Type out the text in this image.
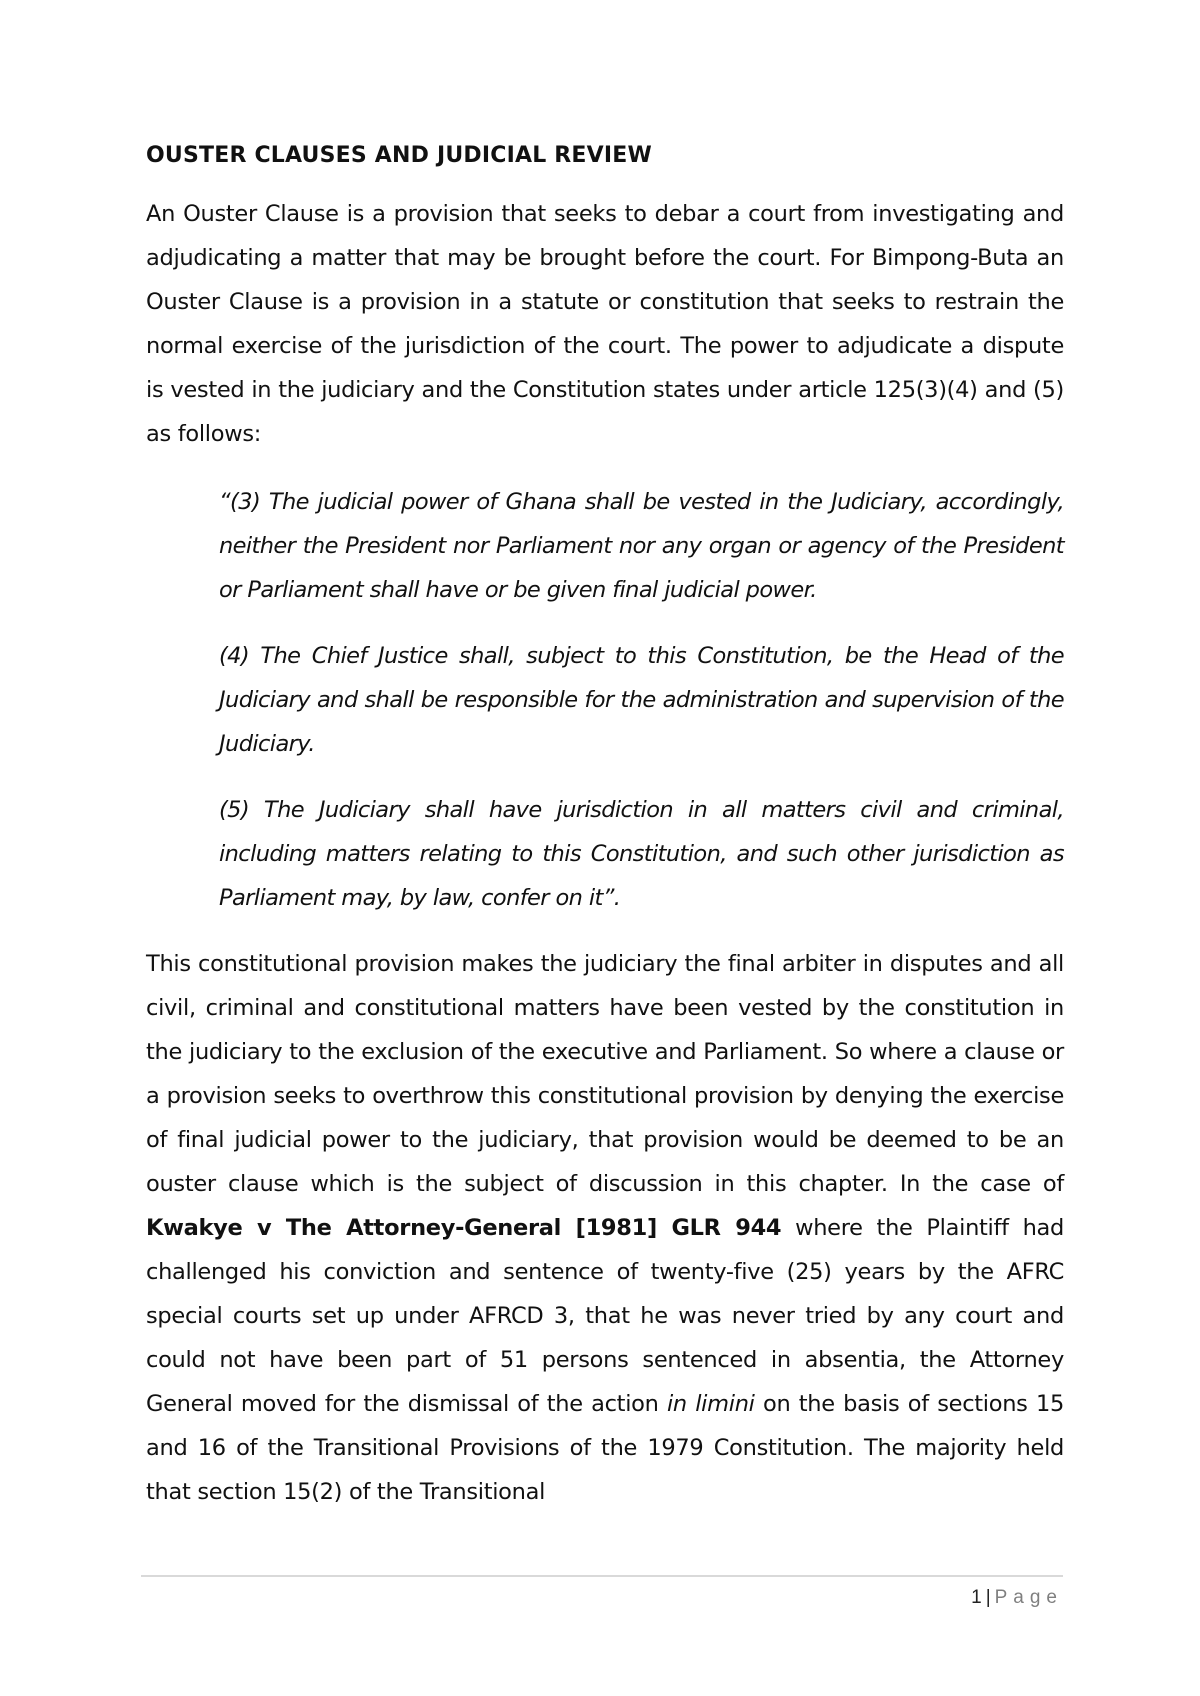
OUSTER CLAUSES AND JUDICIAL REVIEW

An Ouster Clause is a provision that seeks to debar a court from investigating and adjudicating a matter that may be brought before the court. For Bimpong-Buta an Ouster Clause is a provision in a statute or constitution that seeks to restrain the normal exercise of the jurisdiction of the court. The power to adjudicate a dispute is vested in the judiciary and the Constitution states under article 125(3)(4) and (5) as follows:

“(3) The judicial power of Ghana shall be vested in the Judiciary, accordingly, neither the President nor Parliament nor any organ or agency of the President or Parliament shall have or be given final judicial power.

(4) The Chief Justice shall, subject to this Constitution, be the Head of the Judiciary and shall be responsible for the administration and supervision of the Judiciary.

(5) The Judiciary shall have jurisdiction in all matters civil and criminal, including matters relating to this Constitution, and such other jurisdiction as Parliament may, by law, confer on it”.

This constitutional provision makes the judiciary the final arbiter in disputes and all civil, criminal and constitutional matters have been vested by the constitution in the judiciary to the exclusion of the executive and Parliament. So where a clause or a provision seeks to overthrow this constitutional provision by denying the exercise of final judicial power to the judiciary, that provision would be deemed to be an ouster clause which is the subject of discussion in this chapter. In the case of Kwakye v The Attorney-General [1981] GLR 944 where the Plaintiff had challenged his conviction and sentence of twenty-five (25) years by the AFRC special courts set up under AFRCD 3, that he was never tried by any court and could not have been part of 51 persons sentenced in absentia, the Attorney General moved for the dismissal of the action in limini on the basis of sections 15 and 16 of the Transitional Provisions of the 1979 Constitution. The majority held that section 15(2) of the Transitional

1 | Page
